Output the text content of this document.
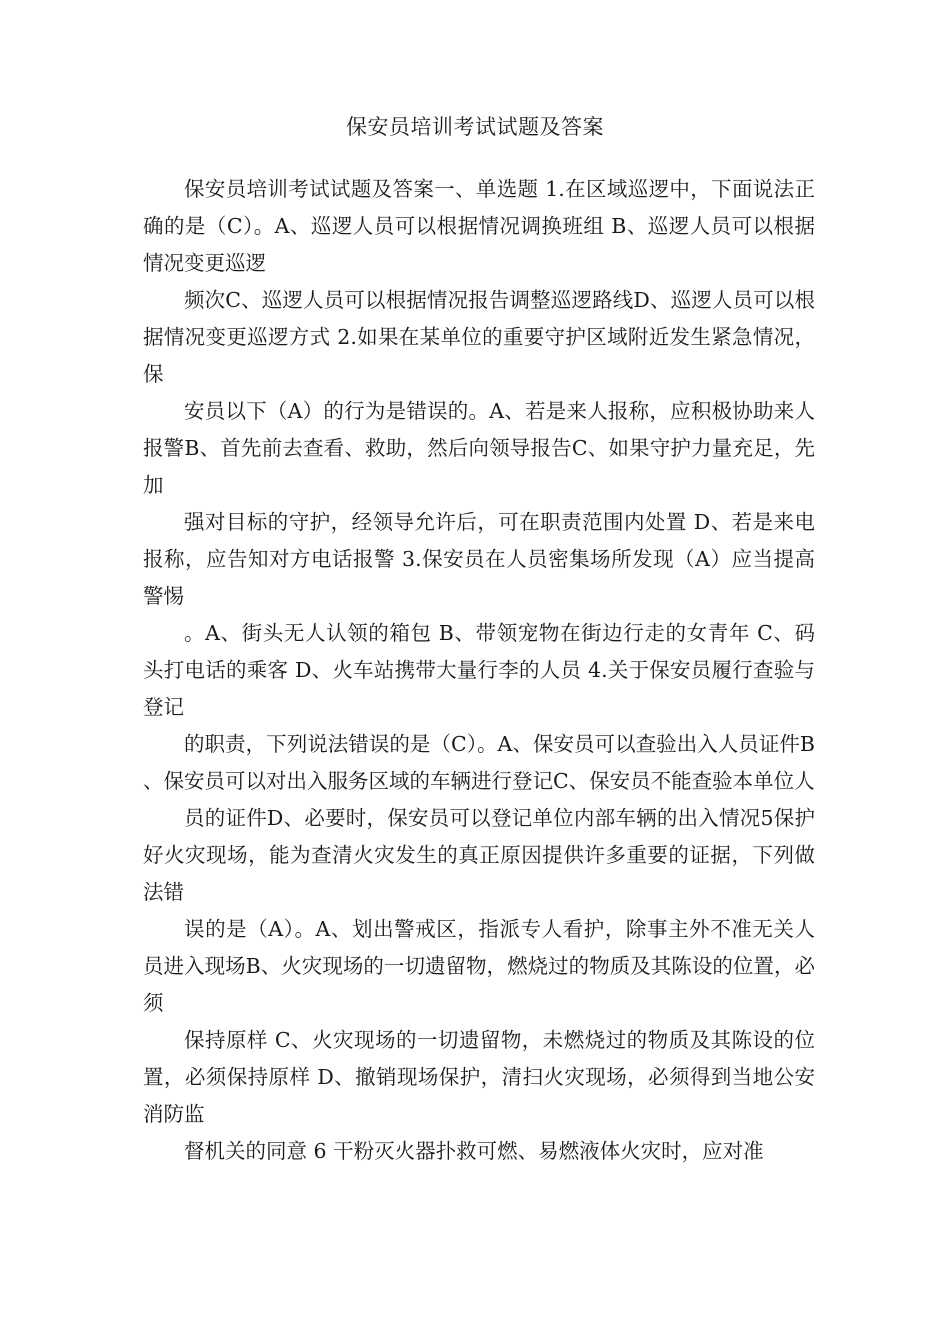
保安员培训考试试题及答案

保安员培训考试试题及答案一、单选题 1.在区域巡逻中，下面说法正确的是（C）。A、巡逻人员可以根据情况调换班组 B、巡逻人员可以根据情况变更巡逻

频次C、巡逻人员可以根据情况报告调整巡逻路线D、巡逻人员可以根据情况变更巡逻方式 2.如果在某单位的重要守护区域附近发生紧急情况，保

安员以下（A）的行为是错误的。A、若是来人报称，应积极协助来人报警B、首先前去查看、救助，然后向领导报告C、如果守护力量充足，先加

强对目标的守护，经领导允许后，可在职责范围内处置 D、若是来电报称，应告知对方电话报警 3.保安员在人员密集场所发现（A）应当提高警惕

。A、街头无人认领的箱包 B、带领宠物在街边行走的女青年 C、码头打电话的乘客 D、火车站携带大量行李的人员 4.关于保安员履行查验与登记

的职责，下列说法错误的是（C）。A、保安员可以查验出入人员证件B、保安员可以对出入服务区域的车辆进行登记C、保安员不能查验本单位人

员的证件D、必要时，保安员可以登记单位内部车辆的出入情况5保护好火灾现场，能为查清火灾发生的真正原因提供许多重要的证据，下列做法错

误的是（A）。A、划出警戒区，指派专人看护，除事主外不准无关人员进入现场B、火灾现场的一切遗留物，燃烧过的物质及其陈设的位置，必须

保持原样 C、火灾现场的一切遗留物，未燃烧过的物质及其陈设的位置，必须保持原样 D、撤销现场保护，清扫火灾现场，必须得到当地公安消防监

督机关的同意 6 干粉灭火器扑救可燃、易燃液体火灾时，应对准
